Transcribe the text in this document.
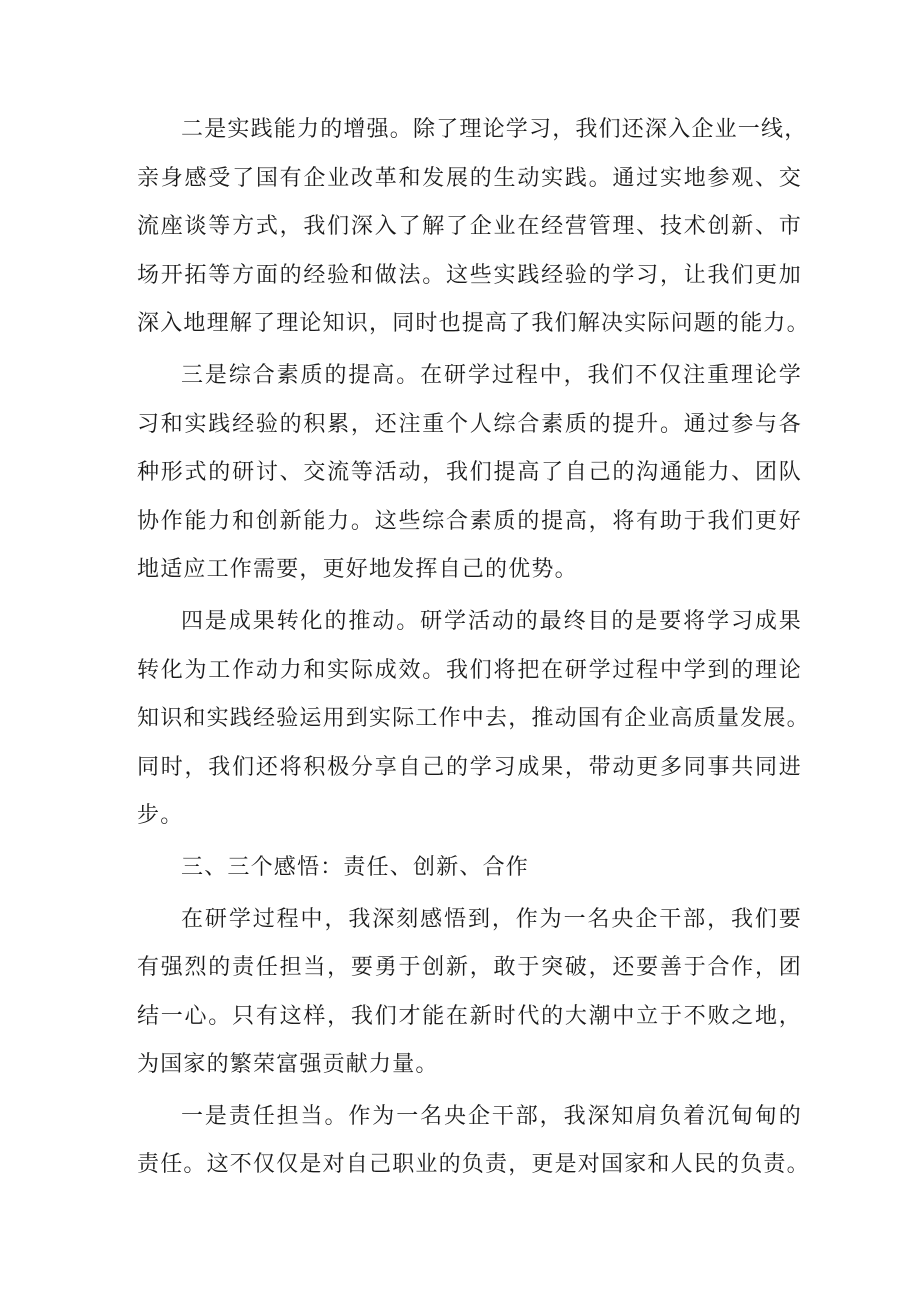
二是实践能力的增强。除了理论学习，我们还深入企业一线，
亲身感受了国有企业改革和发展的生动实践。通过实地参观、交
流座谈等方式，我们深入了解了企业在经营管理、技术创新、市
场开拓等方面的经验和做法。这些实践经验的学习，让我们更加
深入地理解了理论知识，同时也提高了我们解决实际问题的能力。

三是综合素质的提高。在研学过程中，我们不仅注重理论学
习和实践经验的积累，还注重个人综合素质的提升。通过参与各
种形式的研讨、交流等活动，我们提高了自己的沟通能力、团队
协作能力和创新能力。这些综合素质的提高，将有助于我们更好
地适应工作需要，更好地发挥自己的优势。

四是成果转化的推动。研学活动的最终目的是要将学习成果
转化为工作动力和实际成效。我们将把在研学过程中学到的理论
知识和实践经验运用到实际工作中去，推动国有企业高质量发展。
同时，我们还将积极分享自己的学习成果，带动更多同事共同进
步。

三、三个感悟：责任、创新、合作

在研学过程中，我深刻感悟到，作为一名央企干部，我们要
有强烈的责任担当，要勇于创新，敢于突破，还要善于合作，团
结一心。只有这样，我们才能在新时代的大潮中立于不败之地，
为国家的繁荣富强贡献力量。

一是责任担当。作为一名央企干部，我深知肩负着沉甸甸的
责任。这不仅仅是对自己职业的负责，更是对国家和人民的负责。
